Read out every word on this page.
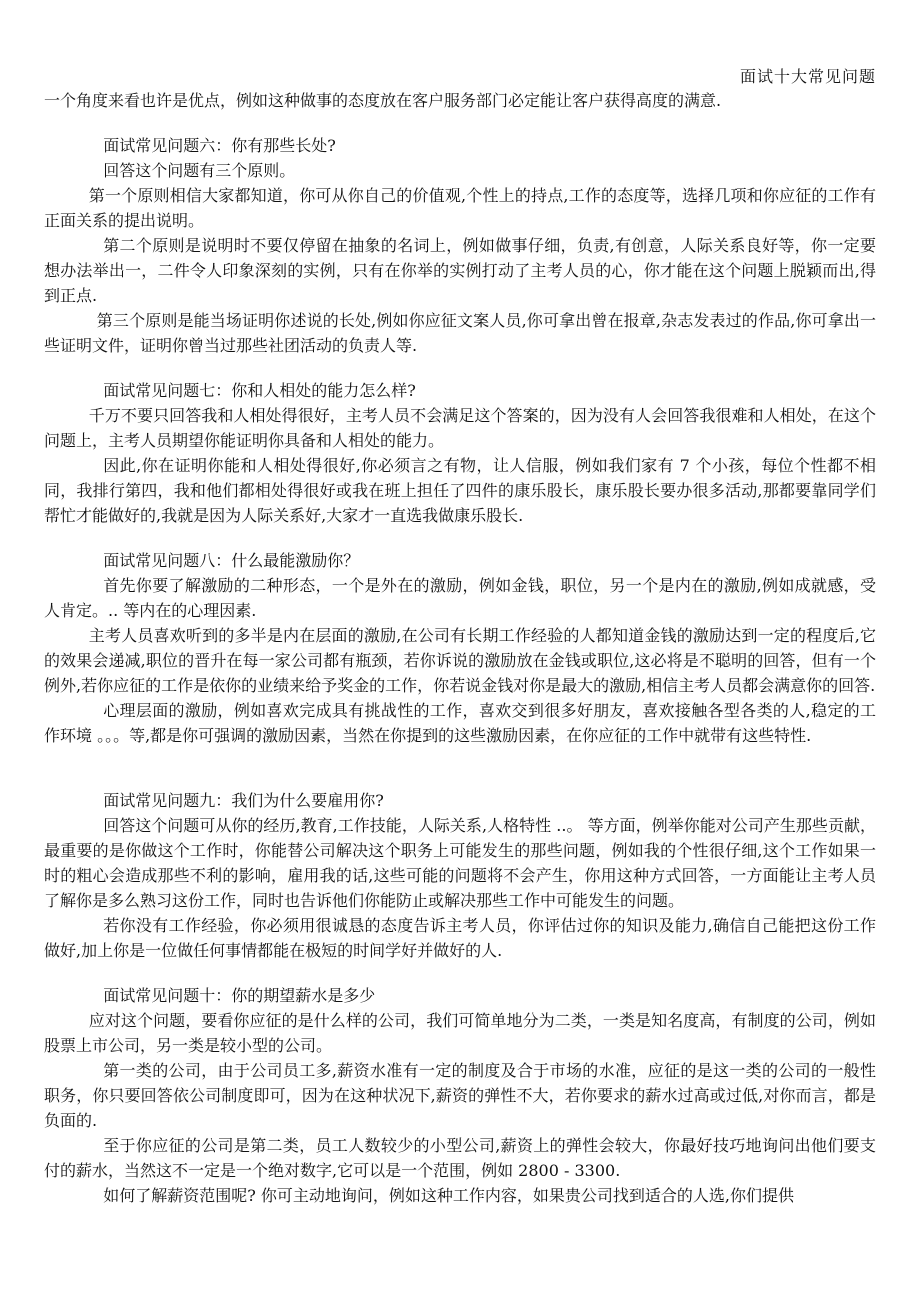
面试十大常见问题
一个角度来看也许是优点，例如这种做事的态度放在客户服务部门必定能让客户获得高度的满意.
面试常见问题六：你有那些长处?
回答这个问题有三个原则。
第一个原则相信大家都知道，你可从你自己的价值观,个性上的持点,工作的态度等，选择几项和你应征的工作有正面关系的提出说明。
第二个原则是说明时不要仅停留在抽象的名词上，例如做事仔细，负责,有创意，人际关系良好等，你一定要想办法举出一，二件令人印象深刻的实例，只有在你举的实例打动了主考人员的心，你才能在这个问题上脱颖而出,得到正点.
第三个原则是能当场证明你述说的长处,例如你应征文案人员,你可拿出曾在报章,杂志发表过的作品,你可拿出一些证明文件，证明你曾当过那些社团活动的负责人等.
面试常见问题七：你和人相处的能力怎么样?
千万不要只回答我和人相处得很好，主考人员不会满足这个答案的，因为没有人会回答我很难和人相处，在这个问题上，主考人员期望你能证明你具备和人相处的能力。
因此,你在证明你能和人相处得很好,你必须言之有物，让人信服，例如我们家有 7 个小孩，每位个性都不相同，我排行第四，我和他们都相处得很好或我在班上担任了四件的康乐股长，康乐股长要办很多活动,那都要靠同学们帮忙才能做好的,我就是因为人际关系好,大家才一直选我做康乐股长.
面试常见问题八：什么最能激励你？
首先你要了解激励的二种形态，一个是外在的激励，例如金钱，职位，另一个是内在的激励,例如成就感，受人肯定。.. 等内在的心理因素.
主考人员喜欢听到的多半是内在层面的激励,在公司有长期工作经验的人都知道金钱的激励达到一定的程度后,它的效果会递减,职位的晋升在每一家公司都有瓶颈，若你诉说的激励放在金钱或职位,这必将是不聪明的回答，但有一个例外,若你应征的工作是依你的业绩来给予奖金的工作，你若说金钱对你是最大的激励,相信主考人员都会满意你的回答.
心理层面的激励，例如喜欢完成具有挑战性的工作，喜欢交到很多好朋友，喜欢接触各型各类的人,稳定的工作环境 。。。等,都是你可强调的激励因素，当然在你提到的这些激励因素，在你应征的工作中就带有这些特性.
面试常见问题九：我们为什么要雇用你?
回答这个问题可从你的经历,教育,工作技能，人际关系,人格特性 ..。 等方面，例举你能对公司产生那些贡献，最重要的是你做这个工作时，你能替公司解决这个职务上可能发生的那些问题，例如我的个性很仔细,这个工作如果一时的粗心会造成那些不利的影响，雇用我的话,这些可能的问题将不会产生，你用这种方式回答，一方面能让主考人员了解你是多么熟习这份工作，同时也告诉他们你能防止或解决那些工作中可能发生的问题。
若你没有工作经验，你必须用很诚恳的态度告诉主考人员，你评估过你的知识及能力,确信自己能把这份工作做好,加上你是一位做任何事情都能在极短的时间学好并做好的人.
面试常见问题十：你的期望薪水是多少
应对这个问题，要看你应征的是什么样的公司，我们可简单地分为二类，一类是知名度高，有制度的公司，例如股票上市公司，另一类是较小型的公司。
第一类的公司，由于公司员工多,薪资水准有一定的制度及合于市场的水准，应征的是这一类的公司的一般性职务，你只要回答依公司制度即可，因为在这种状况下,薪资的弹性不大，若你要求的薪水过高或过低,对你而言，都是负面的.
至于你应征的公司是第二类，员工人数较少的小型公司,薪资上的弹性会较大，你最好技巧地询问出他们要支付的薪水，当然这不一定是一个绝对数字,它可以是一个范围，例如 2800 - 3300.
如何了解薪资范围呢? 你可主动地询问，例如这种工作内容，如果贵公司找到适合的人选,你们提供
